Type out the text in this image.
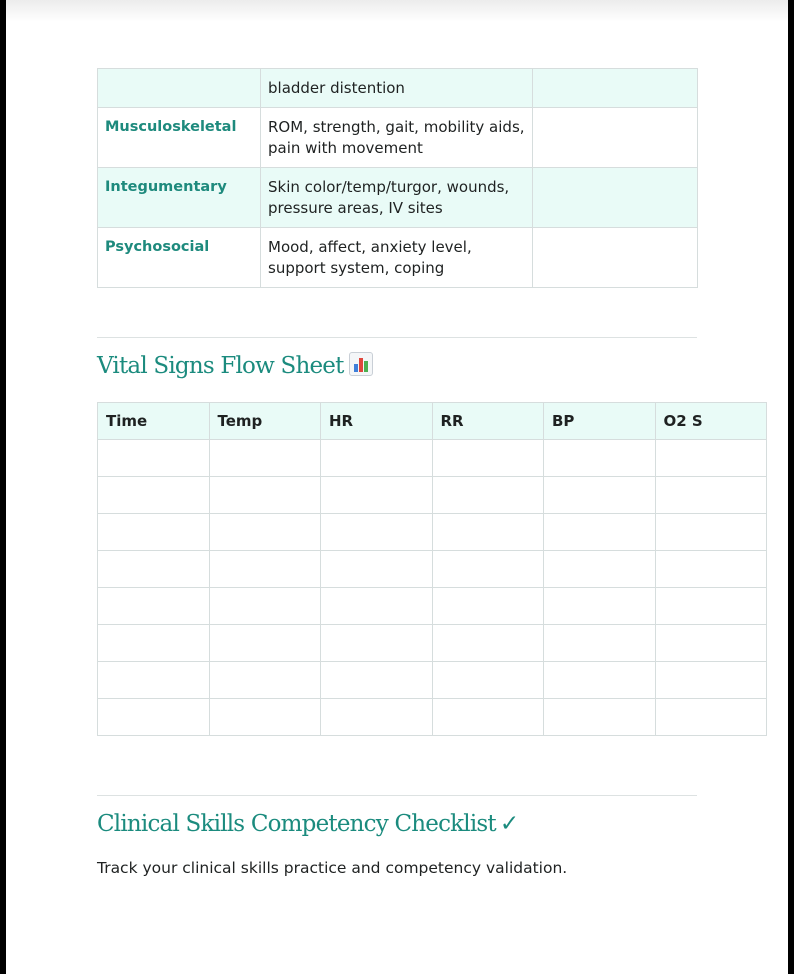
	bladder distention	
Musculoskeletal	ROM, strength, gait, mobility aids, pain with movement	
Integumentary	Skin color/temp/turgor, wounds, pressure areas, IV sites	
Psychosocial	Mood, affect, anxiety level, support system, coping	
Vital Signs Flow Sheet
Time	Temp	HR	RR	BP	O2 S

Clinical Skills Competency Checklist ✓
Track your clinical skills practice and competency validation.
